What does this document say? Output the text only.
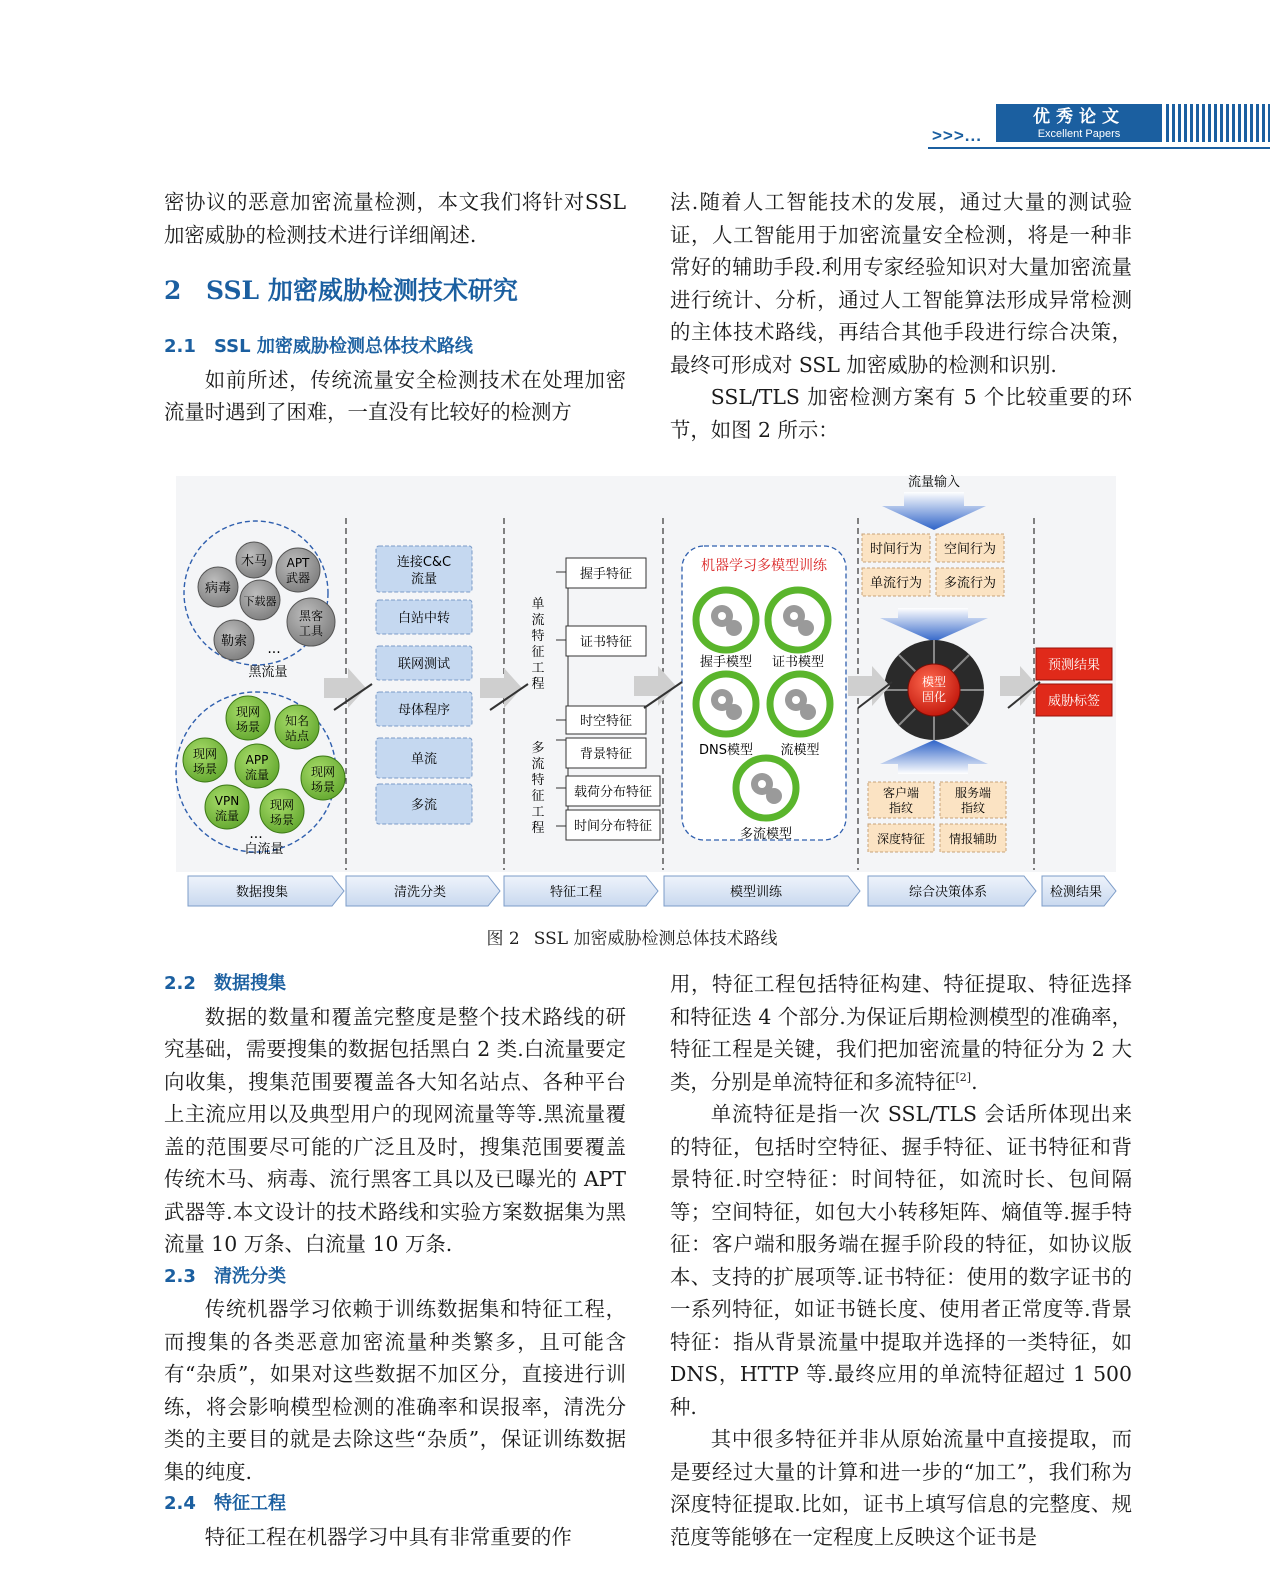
>>>...
优秀论文
Excellent Papers

密协议的恶意加密流量检测，本文我们将针对SSL加密威胁的检测技术进行详细阐述.

2 SSL 加密威胁检测技术研究
2.1 SSL 加密威胁检测总体技术路线

如前所述，传统流量安全检测技术在处理加密流量时遇到了困难，一直没有比较好的检测方

法.随着人工智能技术的发展，通过大量的测试验证，人工智能用于加密流量安全检测，将是一种非常好的辅助手段.利用专家经验知识对大量加密流量进行统计、分析，通过人工智能算法形成异常检测的主体技术路线，再结合其他手段进行综合决策，最终可形成对 SSL 加密威胁的检测和识别.

SSL/TLS 加密检测方案有 5 个比较重要的环节，如图 2 所示：

木马 APT
武器
病毒
下载器
黑客
工具
勒索 ...
黑流量
现网
场景 知名
站点
现网
场景
APP
流量	现网
场景
VPN
流量
现网
场景
...
白流量
连接C&C
流量
白站中转
联网测试
母体程序
单流
多流
单
流
特
征
工
程
多
流
特
征
工
程
握手特征
证书特征
时空特征
背景特征
载荷分布特征
时间分布特征
机器学习多模型训练
握手模型 证书模型
DNS模型 流模型
多流模型
流量输入
时间行为 空间行为
单流行为 多流行为
模型
固化
客户端
指纹
服务端
指纹
深度特征 情报辅助
预测结果
威胁标签
数据搜集	清洗分类	特征工程	模型训练	综合决策体系	检测结果
图 2 SSL 加密威胁检测总体技术路线
2.2 数据搜集

数据的数量和覆盖完整度是整个技术路线的研究基础，需要搜集的数据包括黑白 2 类.白流量要定向收集，搜集范围要覆盖各大知名站点、各种平台上主流应用以及典型用户的现网流量等等.黑流量覆盖的范围要尽可能的广泛且及时，搜集范围要覆盖传统木马、病毒、流行黑客工具以及已曝光的 APT 武器等.本文设计的技术路线和实验方案数据集为黑流量 10 万条、白流量 10 万条.

2.3 清洗分类

传统机器学习依赖于训练数据集和特征工程，而搜集的各类恶意加密流量种类繁多，且可能含有“杂质”，如果对这些数据不加区分，直接进行训练，将会影响模型检测的准确率和误报率，清洗分类的主要目的就是去除这些“杂质”，保证训练数据集的纯度.

2.4 特征工程

特征工程在机器学习中具有非常重要的作

用，特征工程包括特征构建、特征提取、特征选择和特征迭 4 个部分.为保证后期检测模型的准确率，特征工程是关键，我们把加密流量的特征分为 2 大类，分别是单流特征和多流特征[2].

单流特征是指一次 SSL/TLS 会话所体现出来的特征，包括时空特征、握手特征、证书特征和背景特征.时空特征：时间特征，如流时长、包间隔等；空间特征，如包大小转移矩阵、熵值等.握手特征：客户端和服务端在握手阶段的特征，如协议版本、支持的扩展项等.证书特征：使用的数字证书的一系列特征，如证书链长度、使用者正常度等.背景特征：指从背景流量中提取并选择的一类特征，如 DNS，HTTP 等.最终应用的单流特征超过 1 500 种.

其中很多特征并非从原始流量中直接提取，而是要经过大量的计算和进一步的“加工”，我们称为深度特征提取.比如，证书上填写信息的完整度、规范度等能够在一定程度上反映这个证书是
